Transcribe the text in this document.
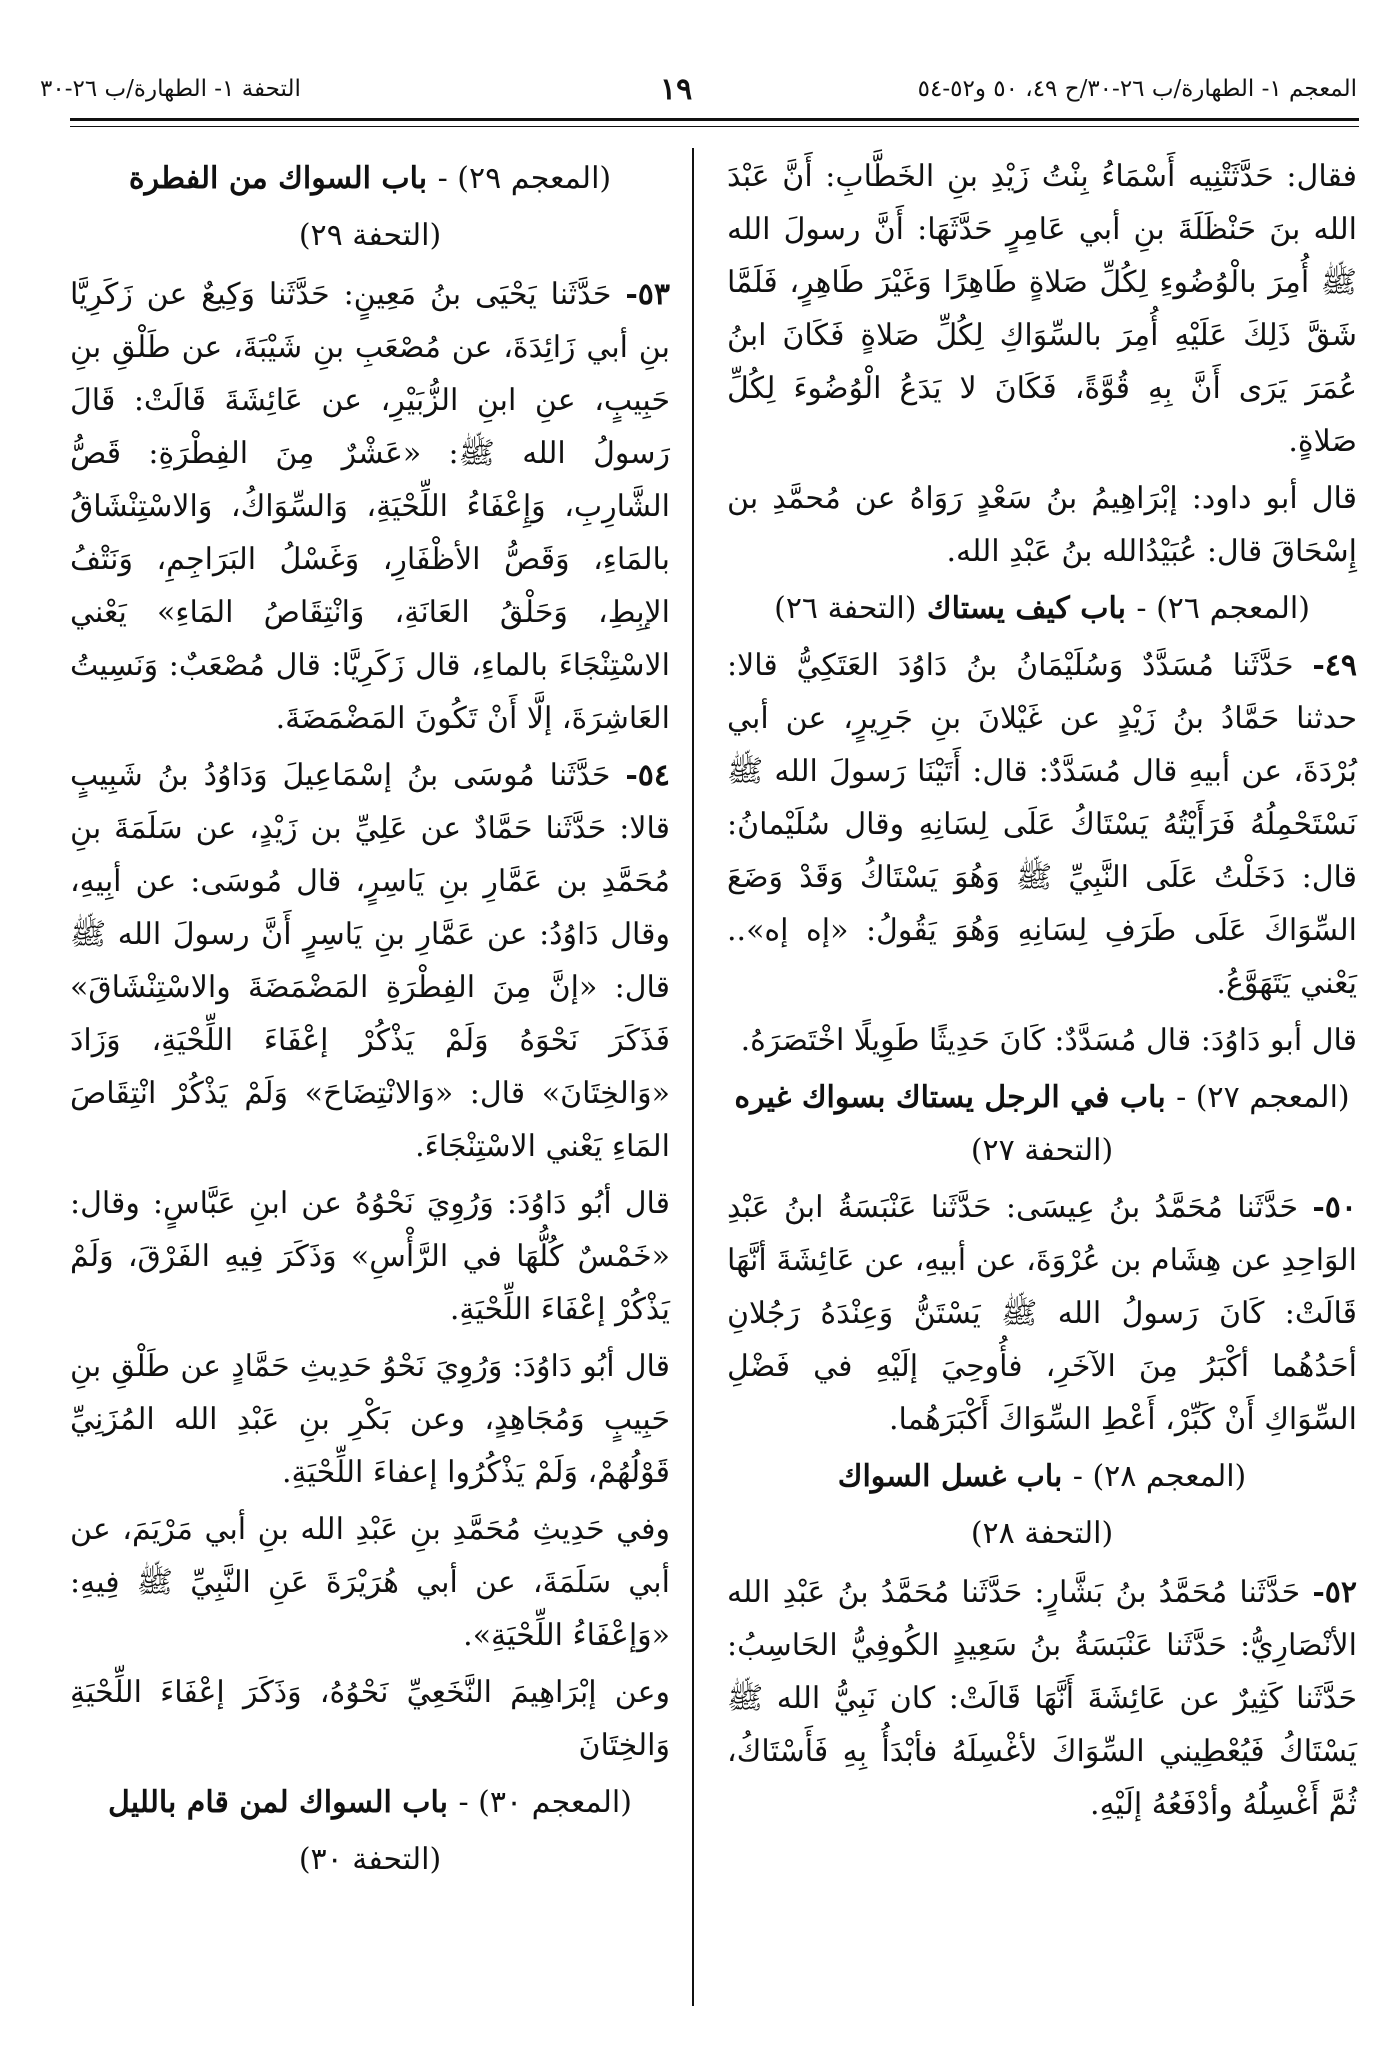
المعجم ١- الطهارة/ب ٢٦-٣٠/ح ٤٩، ٥٠ و٥٢-٥٤
١٩
التحفة ١- الطهارة/ب ٢٦-٣٠

فقال: حَدَّثَتْنِيه أَسْمَاءُ بِنْتُ زَيْدِ بنِ الخَطَّابِ: أَنَّ عَبْدَ الله بنَ حَنْظَلَةَ بنِ أبي عَامِرٍ حَدَّثَهَا: أَنَّ رسولَ الله ﷺ أُمِرَ بالْوُضُوءِ لِكُلِّ صَلاةٍ طَاهِرًا وَغَيْرَ طَاهِرٍ، فَلَمَّا شَقَّ ذَلِكَ عَلَيْهِ أُمِرَ بالسِّوَاكِ لِكُلِّ صَلاةٍ فَكَانَ ابنُ عُمَرَ يَرَى أَنَّ بِهِ قُوَّةً، فَكَانَ لا يَدَعُ الْوُضُوءَ لِكُلِّ صَلاةٍ.

قال أبو داود: إبْرَاهِيمُ بنُ سَعْدٍ رَوَاهُ عن مُحمَّدِ بن إِسْحَاقَ قال: عُبَيْدُالله بنُ عَبْدِ الله.

(المعجم ٢٦) - باب كيف يستاك (التحفة ٢٦)

٤٩- حَدَّثَنا مُسَدَّدٌ وَسُلَيْمَانُ بنُ دَاوُدَ العَتَكِيُّ قالا: حدثنا حَمَّادُ بنُ زَيْدٍ عن غَيْلانَ بنِ جَرِيرٍ، عن أبي بُرْدَةَ، عن أبيهِ قال مُسَدَّدٌ: قال: أَتَيْنَا رَسولَ الله ﷺ نَسْتَحْمِلُهُ فَرَأَيْتُهُ يَسْتَاكُ عَلَى لِسَانِهِ وقال سُلَيْمانُ: قال: دَخَلْتُ عَلَى النَّبِيِّ ﷺ وَهُوَ يَسْتَاكُ وَقَدْ وَضَعَ السِّوَاكَ عَلَى طَرَفِ لِسَانِهِ وَهُوَ يَقُولُ: «إه إه».. يَعْني يَتَهَوَّعُ.

قال أبو دَاوُدَ: قال مُسَدَّدٌ: كَانَ حَدِيثًا طَوِيلًا اخْتَصَرَهُ.

(المعجم ٢٧) - باب في الرجل يستاك بسواك غيره (التحفة ٢٧)

٥٠- حَدَّثَنا مُحَمَّدُ بنُ عِيسَى: حَدَّثَنا عَنْبَسَةُ ابنُ عَبْدِ الوَاحِدِ عن هِشَام بن عُرْوَةَ، عن أبيهِ، عن عَائِشَةَ أنَّهَا قَالَتْ: كَانَ رَسولُ الله ﷺ يَسْتَنُّ وَعِنْدَهُ رَجُلانِ أحَدُهُما أكْبَرُ مِنَ الآخَرِ، فأُوحِيَ إلَيْهِ في فَضْلِ السِّوَاكِ أَنْ كَبِّرْ، أَعْطِ السِّوَاكَ أَكْبَرَهُما.

(المعجم ٢٨) - باب غسل السواك
(التحفة ٢٨)

٥٢- حَدَّثَنا مُحَمَّدُ بنُ بَشَّارٍ: حَدَّثَنا مُحَمَّدُ بنُ عَبْدِ الله الأنْصَارِيُّ: حَدَّثَنا عَنْبَسَةُ بنُ سَعِيدٍ الكُوفِيُّ الحَاسِبُ: حَدَّثَنا كَثِيرٌ عن عَائِشَةَ أَنَّهَا قَالَتْ: كان نَبِيُّ الله ﷺ يَسْتَاكُ فَيُعْطِيني السِّوَاكَ لأغْسِلَهُ فأبْدَأُ بِهِ فَأَسْتَاكُ، ثُمَّ أَغْسِلُهُ وأدْفَعُهُ إلَيْهِ.

(المعجم ٢٩) - باب السواك من الفطرة
(التحفة ٢٩)

٥٣- حَدَّثَنا يَحْيَى بنُ مَعِينٍ: حَدَّثَنا وَكِيعٌ عن زَكَرِيَّا بنِ أبي زَائِدَةَ، عن مُصْعَبِ بنِ شَيْبَةَ، عن طَلْقِ بنِ حَبِيبٍ، عنِ ابنِ الزُّبَيْرِ، عن عَائِشَةَ قَالَتْ: قَالَ رَسولُ الله ﷺ: «عَشْرٌ مِنَ الفِطْرَةِ: قَصُّ الشَّارِبِ، وَإِعْفَاءُ اللِّحْيَةِ، وَالسِّوَاكُ، وَالاسْتِنْشَاقُ بالمَاءِ، وَقَصُّ الأظْفَارِ، وَغَسْلُ البَرَاجِمِ، وَنَتْفُ الإبِطِ، وَحَلْقُ العَانَةِ، وَانْتِقَاصُ المَاءِ» يَعْني الاسْتِنْجَاءَ بالماءِ، قال زَكَرِيَّا: قال مُصْعَبٌ: وَنَسِيتُ العَاشِرَةَ، إلَّا أَنْ تَكُونَ المَضْمَضَةَ.

٥٤- حَدَّثَنا مُوسَى بنُ إسْمَاعِيلَ وَدَاوُدُ بنُ شَبِيبٍ قالا: حَدَّثَنا حَمَّادٌ عن عَلِيِّ بن زَيْدٍ، عن سَلَمَةَ بنِ مُحَمَّدِ بن عَمَّارِ بنِ يَاسِرٍ، قال مُوسَى: عن أبِيهِ، وقال دَاوُدُ: عن عَمَّارِ بنِ يَاسِرٍ أَنَّ رسولَ الله ﷺ قال: «إنَّ مِنَ الفِطْرَةِ المَضْمَضَةَ والاسْتِنْشَاقَ» فَذَكَرَ نَحْوَهُ وَلَمْ يَذْكُرْ إعْفَاءَ اللِّحْيَةِ، وَزَادَ «وَالخِتَانَ» قال: «وَالانْتِضَاحَ» وَلَمْ يَذْكُرْ انْتِقَاصَ المَاءِ يَعْني الاسْتِنْجَاءَ.

قال أبُو دَاوُدَ: وَرُوِيَ نَحْوُهُ عن ابنِ عَبَّاسٍ: وقال: «خَمْسٌ كُلُّهَا في الرَّأْسِ» وَذَكَرَ فِيهِ الفَرْقَ، وَلَمْ يَذْكُرْ إعْفَاءَ اللِّحْيَةِ.

قال أبُو دَاوُدَ: وَرُوِيَ نَحْوُ حَدِيثِ حَمَّادٍ عن طَلْقِ بنِ حَبِيبٍ وَمُجَاهِدٍ، وعن بَكْرِ بنِ عَبْدِ الله المُزَنِيِّ قَوْلُهُمْ، وَلَمْ يَذْكُرُوا إعفاءَ اللِّحْيَةِ.

وفي حَدِيثِ مُحَمَّدِ بنِ عَبْدِ الله بنِ أبي مَرْيَمَ، عن أبي سَلَمَةَ، عن أبي هُرَيْرَةَ عَنِ النَّبِيِّ ﷺ فِيهِ: «وَإعْفَاءُ اللِّحْيَةِ».

وعن إبْرَاهِيمَ النَّخَعِيِّ نَحْوُهُ، وَذَكَرَ إعْفَاءَ اللِّحْيَةِ وَالخِتَانَ

(المعجم ٣٠) - باب السواك لمن قام بالليل
(التحفة ٣٠)
